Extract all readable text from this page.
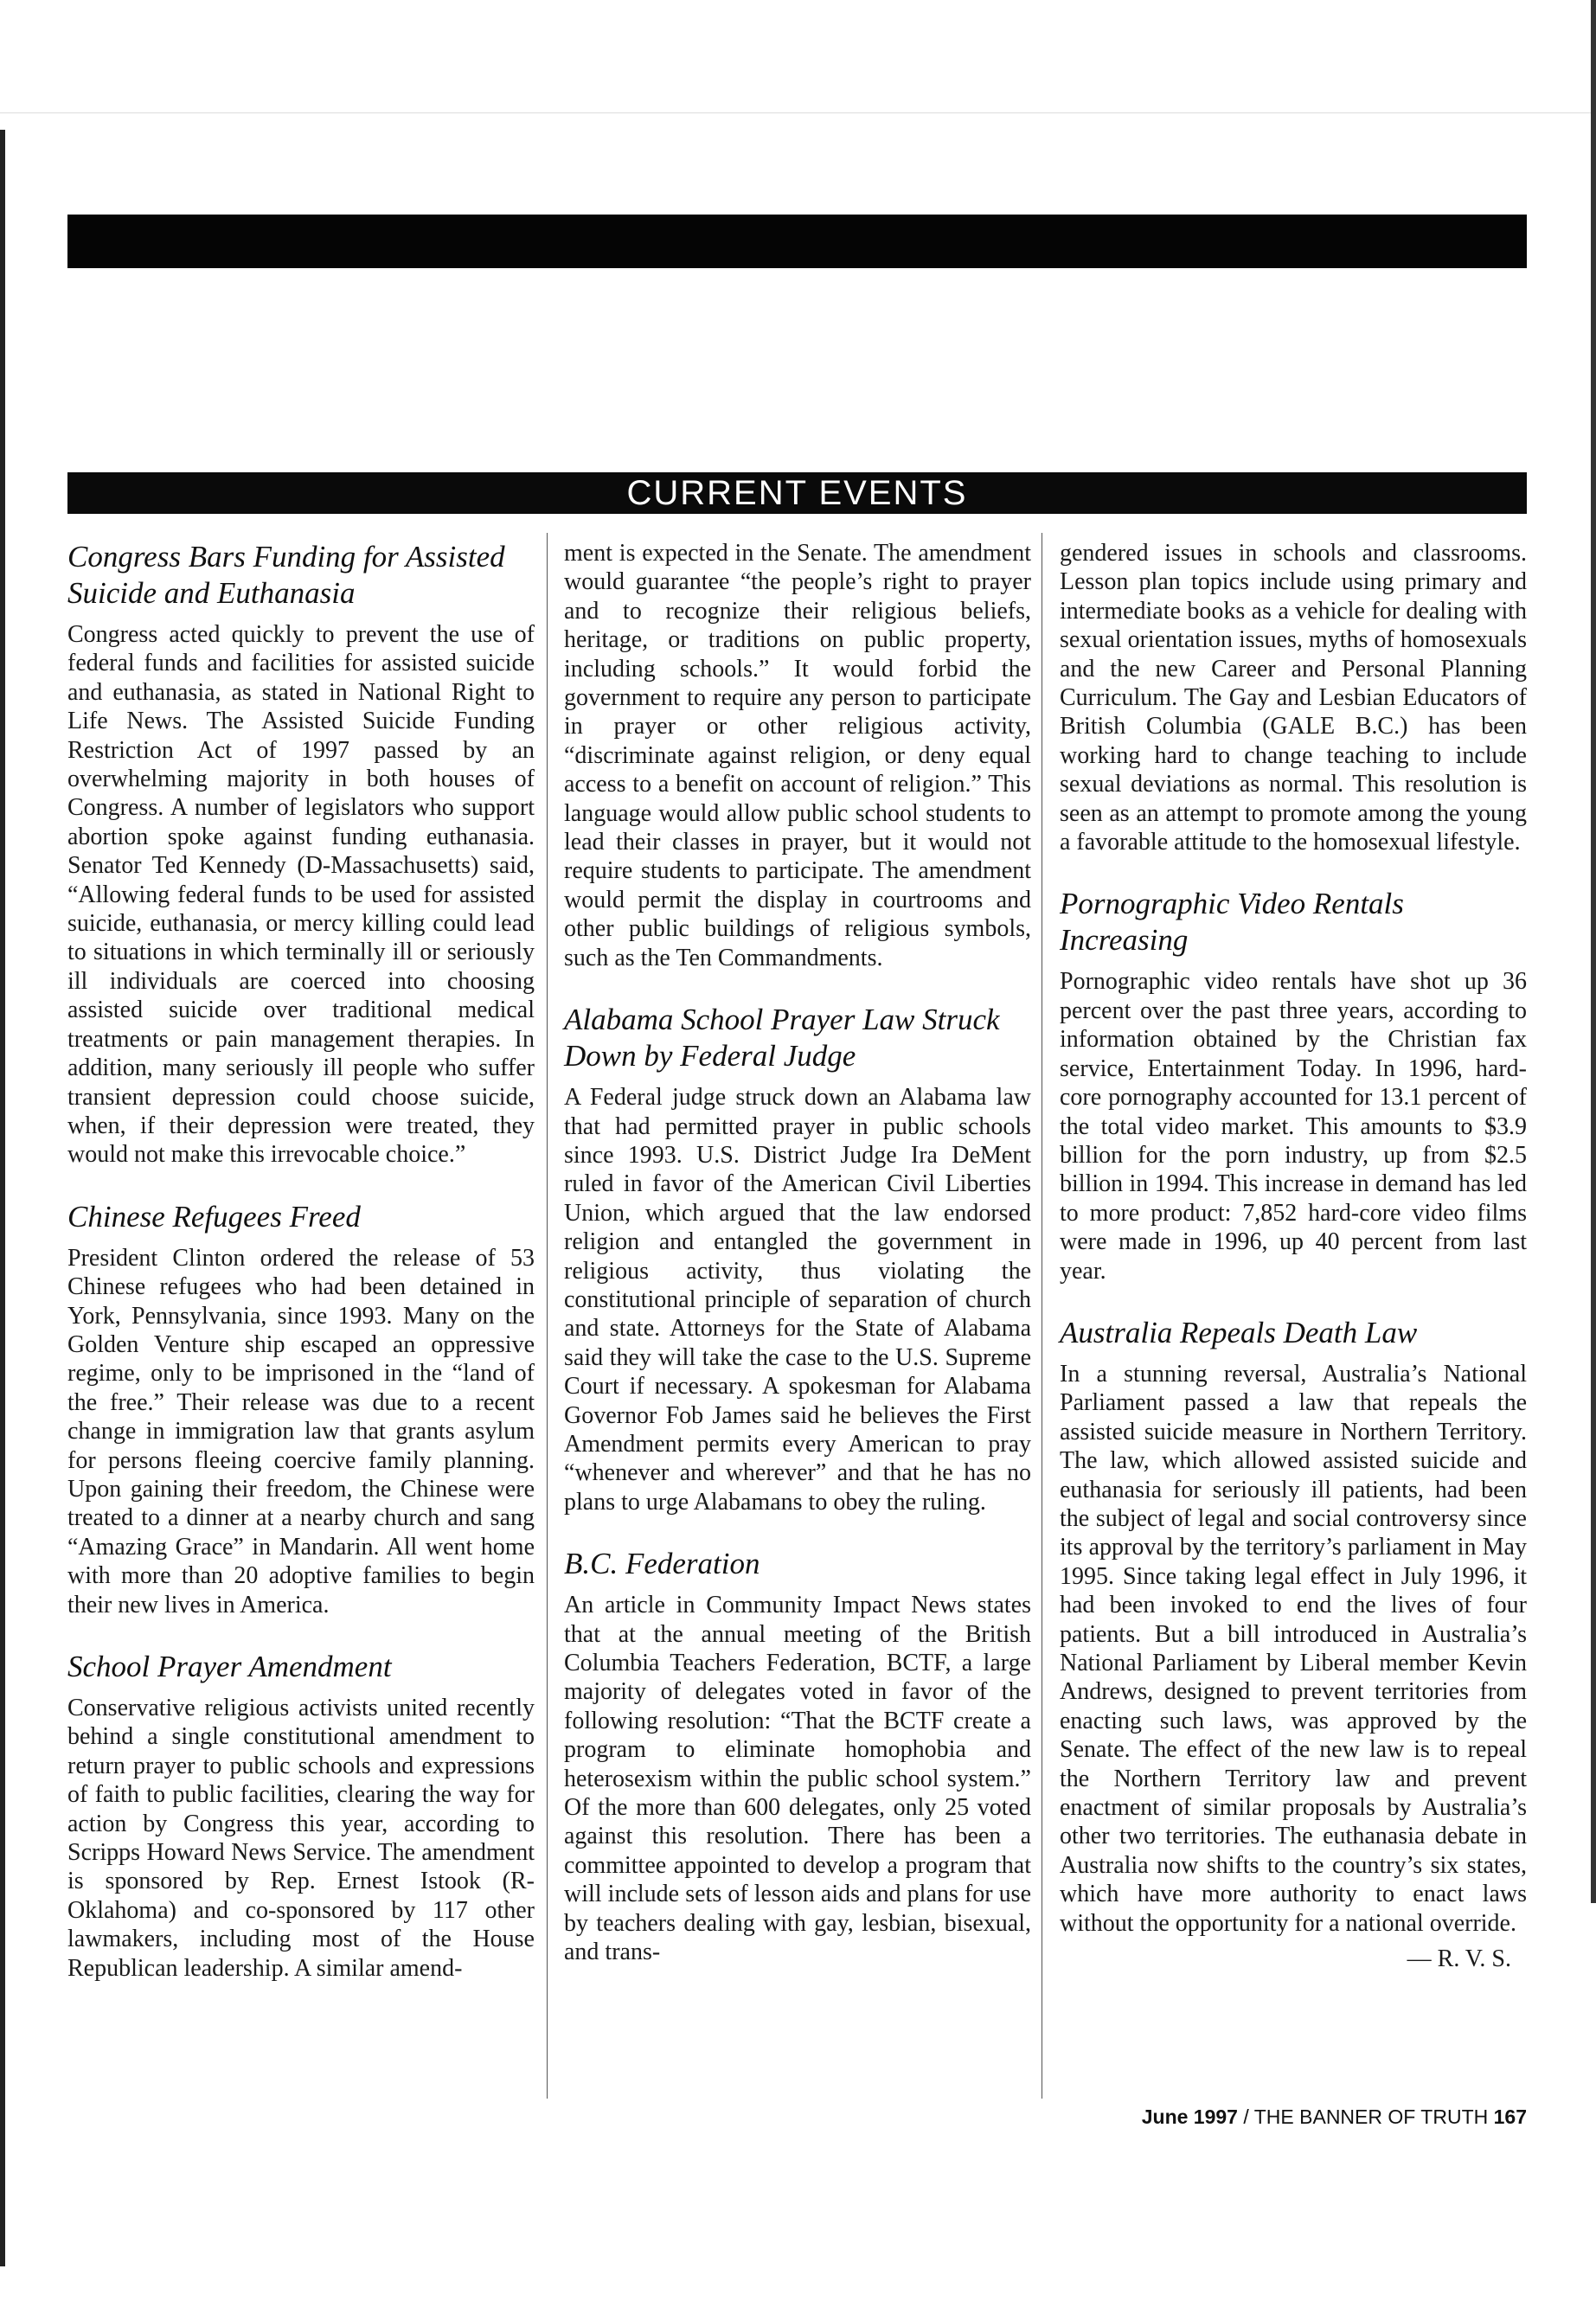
CURRENT EVENTS
Congress Bars Funding for Assisted Suicide and Euthanasia

Congress acted quickly to prevent the use of federal funds and facilities for assisted suicide and euthanasia, as stated in National Right to Life News. The Assisted Suicide Funding Restriction Act of 1997 passed by an overwhelming majority in both houses of Congress. A number of legislators who support abortion spoke against funding euthanasia. Senator Ted Kennedy (D-Massachusetts) said, “Allowing federal funds to be used for assisted suicide, euthanasia, or mercy killing could lead to situations in which terminally ill or seriously ill individuals are coerced into choosing assisted suicide over traditional medical treatments or pain management therapies. In addition, many seriously ill people who suffer transient depression could choose suicide, when, if their depression were treated, they would not make this irrevocable choice.”

Chinese Refugees Freed

President Clinton ordered the release of 53 Chinese refugees who had been detained in York, Pennsylvania, since 1993. Many on the Golden Venture ship escaped an oppressive regime, only to be imprisoned in the “land of the free.” Their release was due to a recent change in immigration law that grants asylum for persons fleeing coercive family planning. Upon gaining their freedom, the Chinese were treated to a dinner at a nearby church and sang “Amazing Grace” in Mandarin. All went home with more than 20 adoptive families to begin their new lives in America.

School Prayer Amendment

Conservative religious activists united recently behind a single constitutional amendment to return prayer to public schools and expressions of faith to public facilities, clearing the way for action by Congress this year, according to Scripps Howard News Service. The amendment is sponsored by Rep. Ernest Istook (R-Oklahoma) and co-sponsored by 117 other lawmakers, including most of the House Republican leadership. A similar amend-

ment is expected in the Senate. The amendment would guarantee “the people’s right to prayer and to recognize their religious beliefs, heritage, or traditions on public property, including schools.” It would forbid the government to require any person to participate in prayer or other religious activity, “discriminate against religion, or deny equal access to a benefit on account of religion.” This language would allow public school students to lead their classes in prayer, but it would not require students to participate. The amendment would permit the display in courtrooms and other public buildings of religious symbols, such as the Ten Commandments.

Alabama School Prayer Law Struck Down by Federal Judge

A Federal judge struck down an Alabama law that had permitted prayer in public schools since 1993. U.S. District Judge Ira DeMent ruled in favor of the American Civil Liberties Union, which argued that the law endorsed religion and entangled the government in religious activity, thus violating the constitutional principle of separation of church and state. Attorneys for the State of Alabama said they will take the case to the U.S. Supreme Court if necessary. A spokesman for Alabama Governor Fob James said he believes the First Amendment permits every American to pray “whenever and wherever” and that he has no plans to urge Alabamans to obey the ruling.

B.C. Federation

An article in Community Impact News states that at the annual meeting of the British Columbia Teachers Federation, BCTF, a large majority of delegates voted in favor of the following resolution: “That the BCTF create a program to eliminate homophobia and heterosexism within the public school system.” Of the more than 600 delegates, only 25 voted against this resolution. There has been a committee appointed to develop a program that will include sets of lesson aids and plans for use by teachers dealing with gay, lesbian, bisexual, and trans-

gendered issues in schools and classrooms. Lesson plan topics include using primary and intermediate books as a vehicle for dealing with sexual orientation issues, myths of homosexuals and the new Career and Personal Planning Curriculum. The Gay and Lesbian Educators of British Columbia (GALE B.C.) has been working hard to change teaching to include sexual deviations as normal. This resolution is seen as an attempt to promote among the young a favorable attitude to the homosexual lifestyle.

Pornographic Video Rentals Increasing

Pornographic video rentals have shot up 36 percent over the past three years, according to information obtained by the Christian fax service, Entertainment Today. In 1996, hard-core pornography accounted for 13.1 percent of the total video market. This amounts to $3.9 billion for the porn industry, up from $2.5 billion in 1994. This increase in demand has led to more product: 7,852 hard-core video films were made in 1996, up 40 percent from last year.

Australia Repeals Death Law

In a stunning reversal, Australia’s National Parliament passed a law that repeals the assisted suicide measure in Northern Territory. The law, which allowed assisted suicide and euthanasia for seriously ill patients, had been the subject of legal and social controversy since its approval by the territory’s parliament in May 1995. Since taking legal effect in July 1996, it had been invoked to end the lives of four patients. But a bill introduced in Australia’s National Parliament by Liberal member Kevin Andrews, designed to prevent territories from enacting such laws, was approved by the Senate. The effect of the new law is to repeal the Northern Territory law and prevent enactment of similar proposals by Australia’s other two territories. The euthanasia debate in Australia now shifts to the country’s six states, which have more authority to enact laws without the opportunity for a national override.

— R. V. S.
June 1997 / THE BANNER OF TRUTH 167
